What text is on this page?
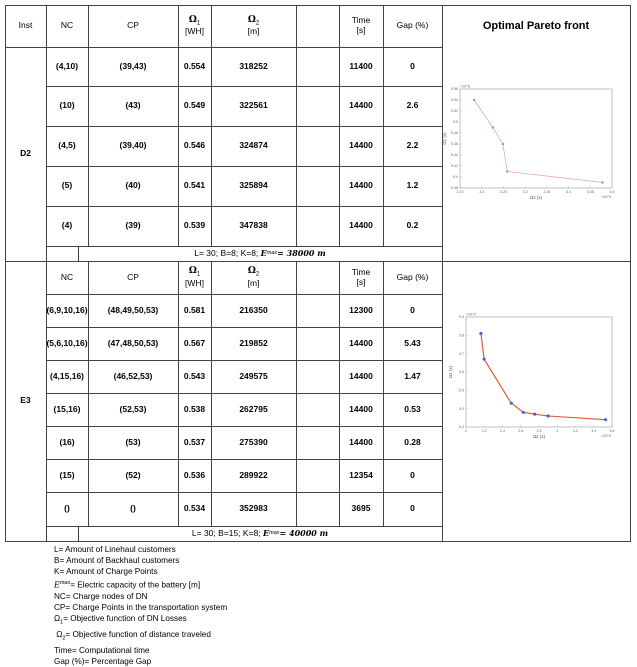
Inst	NC	CP
$\Omega_1$
[WH]
$\Omega_2$
[m]
Time
[s]	Gap (%)	Optimal Pareto front
D2
(4,10)	(39,43)	0.554	318252	11400	0
(10)	(43)	0.549	322561	14400	2.6
(4,5)	(39,40)	0.546	324874	14400	2.2
(5)	(40)	0.541	325894	14400	1.2
(4)	(39)	0.539	347838	14400	0.2
L= 30; B=8; K=8;
E max = 38000 m
3.15	3.2	3.25	3.3	3.35	3.4	3.45	3.5
5.38
5.4
5.42
5.44
5.46
5.48
5.5
5.52
5.54
5.56
×10^5
×10^5
Ω2 (x)
Ω1 (x)
NC	CP
$\Omega_1$
[WH]
$\Omega_2$
[m]
Time
[s]	Gap (%)
E3
(6,9,10,16)	(48,49,50,53)	0.581	216350	12300	0
(5,6,10,16)	(47,48,50,53)	0.567	219852	14400	5.43
(4,15,16)	(46,52,53)	0.543	249575	14400	1.47
(15,16)	(52,53)	0.538	262795	14400	0.53
(16)	(53)	0.537	275390	14400	0.28
(15)	(52)	0.536	289922	12354	0
()	()	0.534	352983	3695	0
L= 30; B=15; K=8;
E max = 40000 m
2	2.2	2.4	2.6	2.8	3	3.2	3.4	3.6
5.3
5.4
5.5
5.6
5.7
5.8
5.9
×10^5
×10^5
Ω2 (x)
Ω1 (x)
L= Amount of Linehaul customers
B= Amount of Backhaul customers
K= Amount of Charge Points
$E^{max}=$ Electric capacity of the battery [m]
NC= Charge nodes of DN
CP= Charge Points in the transportation system
$\Omega_1=$ Objective function of DN Losses
$\Omega_2=$ Objective function of distance traveled
Time= Computational time
Gap (%)= Percentage Gap
